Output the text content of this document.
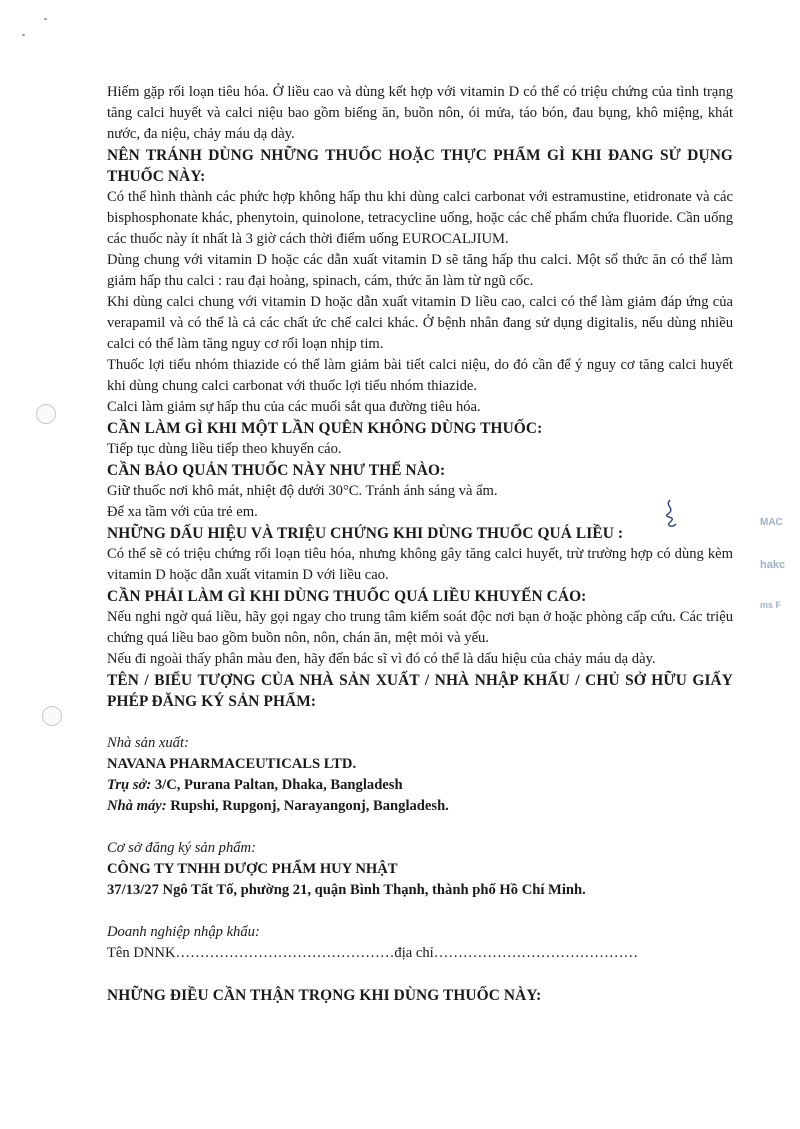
MAC
hakc
ms F

Hiếm gặp rối loạn tiêu hóa. Ở liều cao và dùng kết hợp với vitamin D có thể có triệu chứng của tình trạng tăng calci huyết và calci niệu bao gồm biếng ăn, buồn nôn, ói mửa, táo bón, đau bụng, khô miệng, khát nước, đa niệu, chảy máu dạ dày.

NÊN TRÁNH DÙNG NHỮNG THUỐC HOẶC THỰC PHẨM GÌ KHI ĐANG SỬ DỤNG THUỐC NÀY:

Có thể hình thành các phức hợp không hấp thu khi dùng calci carbonat với estramustine, etidronate và các bisphosphonate khác, phenytoin, quinolone, tetracycline uống, hoặc các chế phẩm chứa fluoride. Cần uống các thuốc này ít nhất là 3 giờ cách thời điểm uống EUROCALJIUM.

Dùng chung với vitamin D hoặc các dẫn xuất vitamin D sẽ tăng hấp thu calci. Một số thức ăn có thể làm giảm hấp thu calci : rau đại hoàng, spinach, cám, thức ăn làm từ ngũ cốc.

Khi dùng calci chung với vitamin D hoặc dẫn xuất vitamin D liều cao, calci có thể làm giảm đáp ứng của verapamil và có thể là cả các chất ức chế calci khác. Ở bệnh nhân đang sử dụng digitalis, nếu dùng nhiều calci có thể làm tăng nguy cơ rối loạn nhịp tim.

Thuốc lợi tiểu nhóm thiazide có thể làm giảm bài tiết calci niệu, do đó cần để ý nguy cơ tăng calci huyết khi dùng chung calci carbonat với thuốc lợi tiểu nhóm thiazide.

Calci làm giảm sự hấp thu của các muối sắt qua đường tiêu hóa.

CẦN LÀM GÌ KHI MỘT LẦN QUÊN KHÔNG DÙNG THUỐC:

Tiếp tục dùng liều tiếp theo khuyến cáo.

CẦN BẢO QUẢN THUỐC NÀY NHƯ THẾ NÀO:

Giữ thuốc nơi khô mát, nhiệt độ dưới 30°C. Tránh ánh sáng và ẩm.

Để xa tầm với của trẻ em.

NHỮNG DẤU HIỆU VÀ TRIỆU CHỨNG KHI DÙNG THUỐC QUÁ LIỀU :

Có thể sẽ có triệu chứng rối loạn tiêu hóa, nhưng không gây tăng calci huyết, trừ trường hợp có dùng kèm vitamin D hoặc dẫn xuất vitamin D với liều cao.

CẦN PHẢI LÀM GÌ KHI DÙNG THUỐC QUÁ LIỀU KHUYẾN CÁO:

Nếu nghi ngờ quá liều, hãy gọi ngay cho trung tâm kiểm soát độc nơi bạn ở hoặc phòng cấp cứu. Các triệu chứng quá liều bao gồm buồn nôn, nôn, chán ăn, mệt mỏi và yếu.

Nếu đi ngoài thấy phân màu đen, hãy đến bác sĩ vì đó có thể là dấu hiệu của chảy máu dạ dày.

TÊN / BIỂU TƯỢNG CỦA NHÀ SẢN XUẤT / NHÀ NHẬP KHẨU / CHỦ SỞ HỮU GIẤY PHÉP ĐĂNG KÝ SẢN PHẨM:

Nhà sản xuất:

NAVANA PHARMACEUTICALS LTD.

Trụ sở: 3/C, Purana Paltan, Dhaka, Bangladesh

Nhà máy: Rupshi, Rupgonj, Narayangonj, Bangladesh.

Cơ sở đăng ký sản phẩm:

CÔNG TY TNHH DƯỢC PHẨM HUY NHẬT

37/13/27 Ngô Tất Tố, phường 21, quận Bình Thạnh, thành phố Hồ Chí Minh.

Doanh nghiệp nhập khẩu:

Tên DNNK………………………………………địa chỉ……………………………………

NHỮNG ĐIỀU CẦN THẬN TRỌNG KHI DÙNG THUỐC NÀY:
